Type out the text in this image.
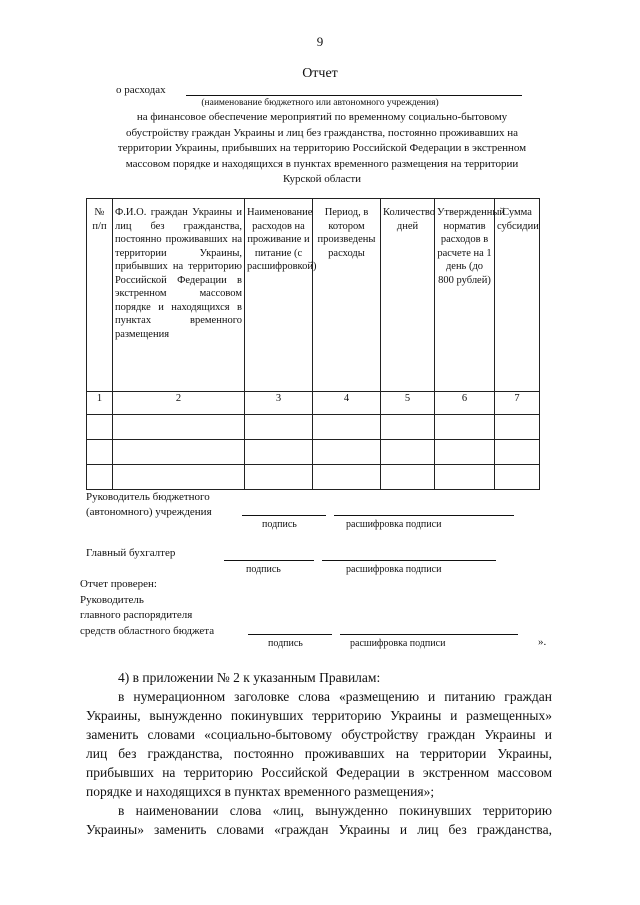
9
Отчет
о расходах
(наименование бюджетного или автономного учреждения)
на финансовое обеспечение мероприятий по временному социально-бытовому
обустройству граждан Украины и лиц без гражданства, постоянно проживавших на
территории Украины, прибывших на территорию Российской Федерации в экстренном
массовом порядке и находящихся в пунктах временного размещения на территории
Курской области
№ п/п	Ф.И.О. граждан Украины и лиц без гражданства, постоянно проживавших на территории Украины, прибывших на территорию Российской Федерации в экстренном массовом порядке и находящихся в пунктах временного размещения	Наименование расходов на проживание и питание (с расшифровкой)	Период, в котором произведены расходы	Количество дней	Утвержденный норматив расходов в расчете на 1 день (до 800 рублей)	Сумма субсидии
1	2	3	4	5	6	7

Руководитель бюджетного
(автономного) учреждения
подпись	расшифровка подписи
Главный бухгалтер
подпись	расшифровка подписи
Отчет проверен:
Руководитель
главного распорядителя
средств областного бюджета
подпись	расшифровка подписи	».
4) в приложении № 2 к указанным Правилам:
в нумерационном заголовке слова «размещению и питанию граждан
Украины, вынужденно покинувших территорию Украины и размещенных»
заменить словами «социально-бытовому обустройству граждан Украины и
лиц без гражданства, постоянно проживавших на территории Украины,
прибывших на территорию Российской Федерации в экстренном массовом
порядке и находящихся в пунктах временного размещения»;
в наименовании слова «лиц, вынужденно покинувших территорию
Украины» заменить словами «граждан Украины и лиц без гражданства,
